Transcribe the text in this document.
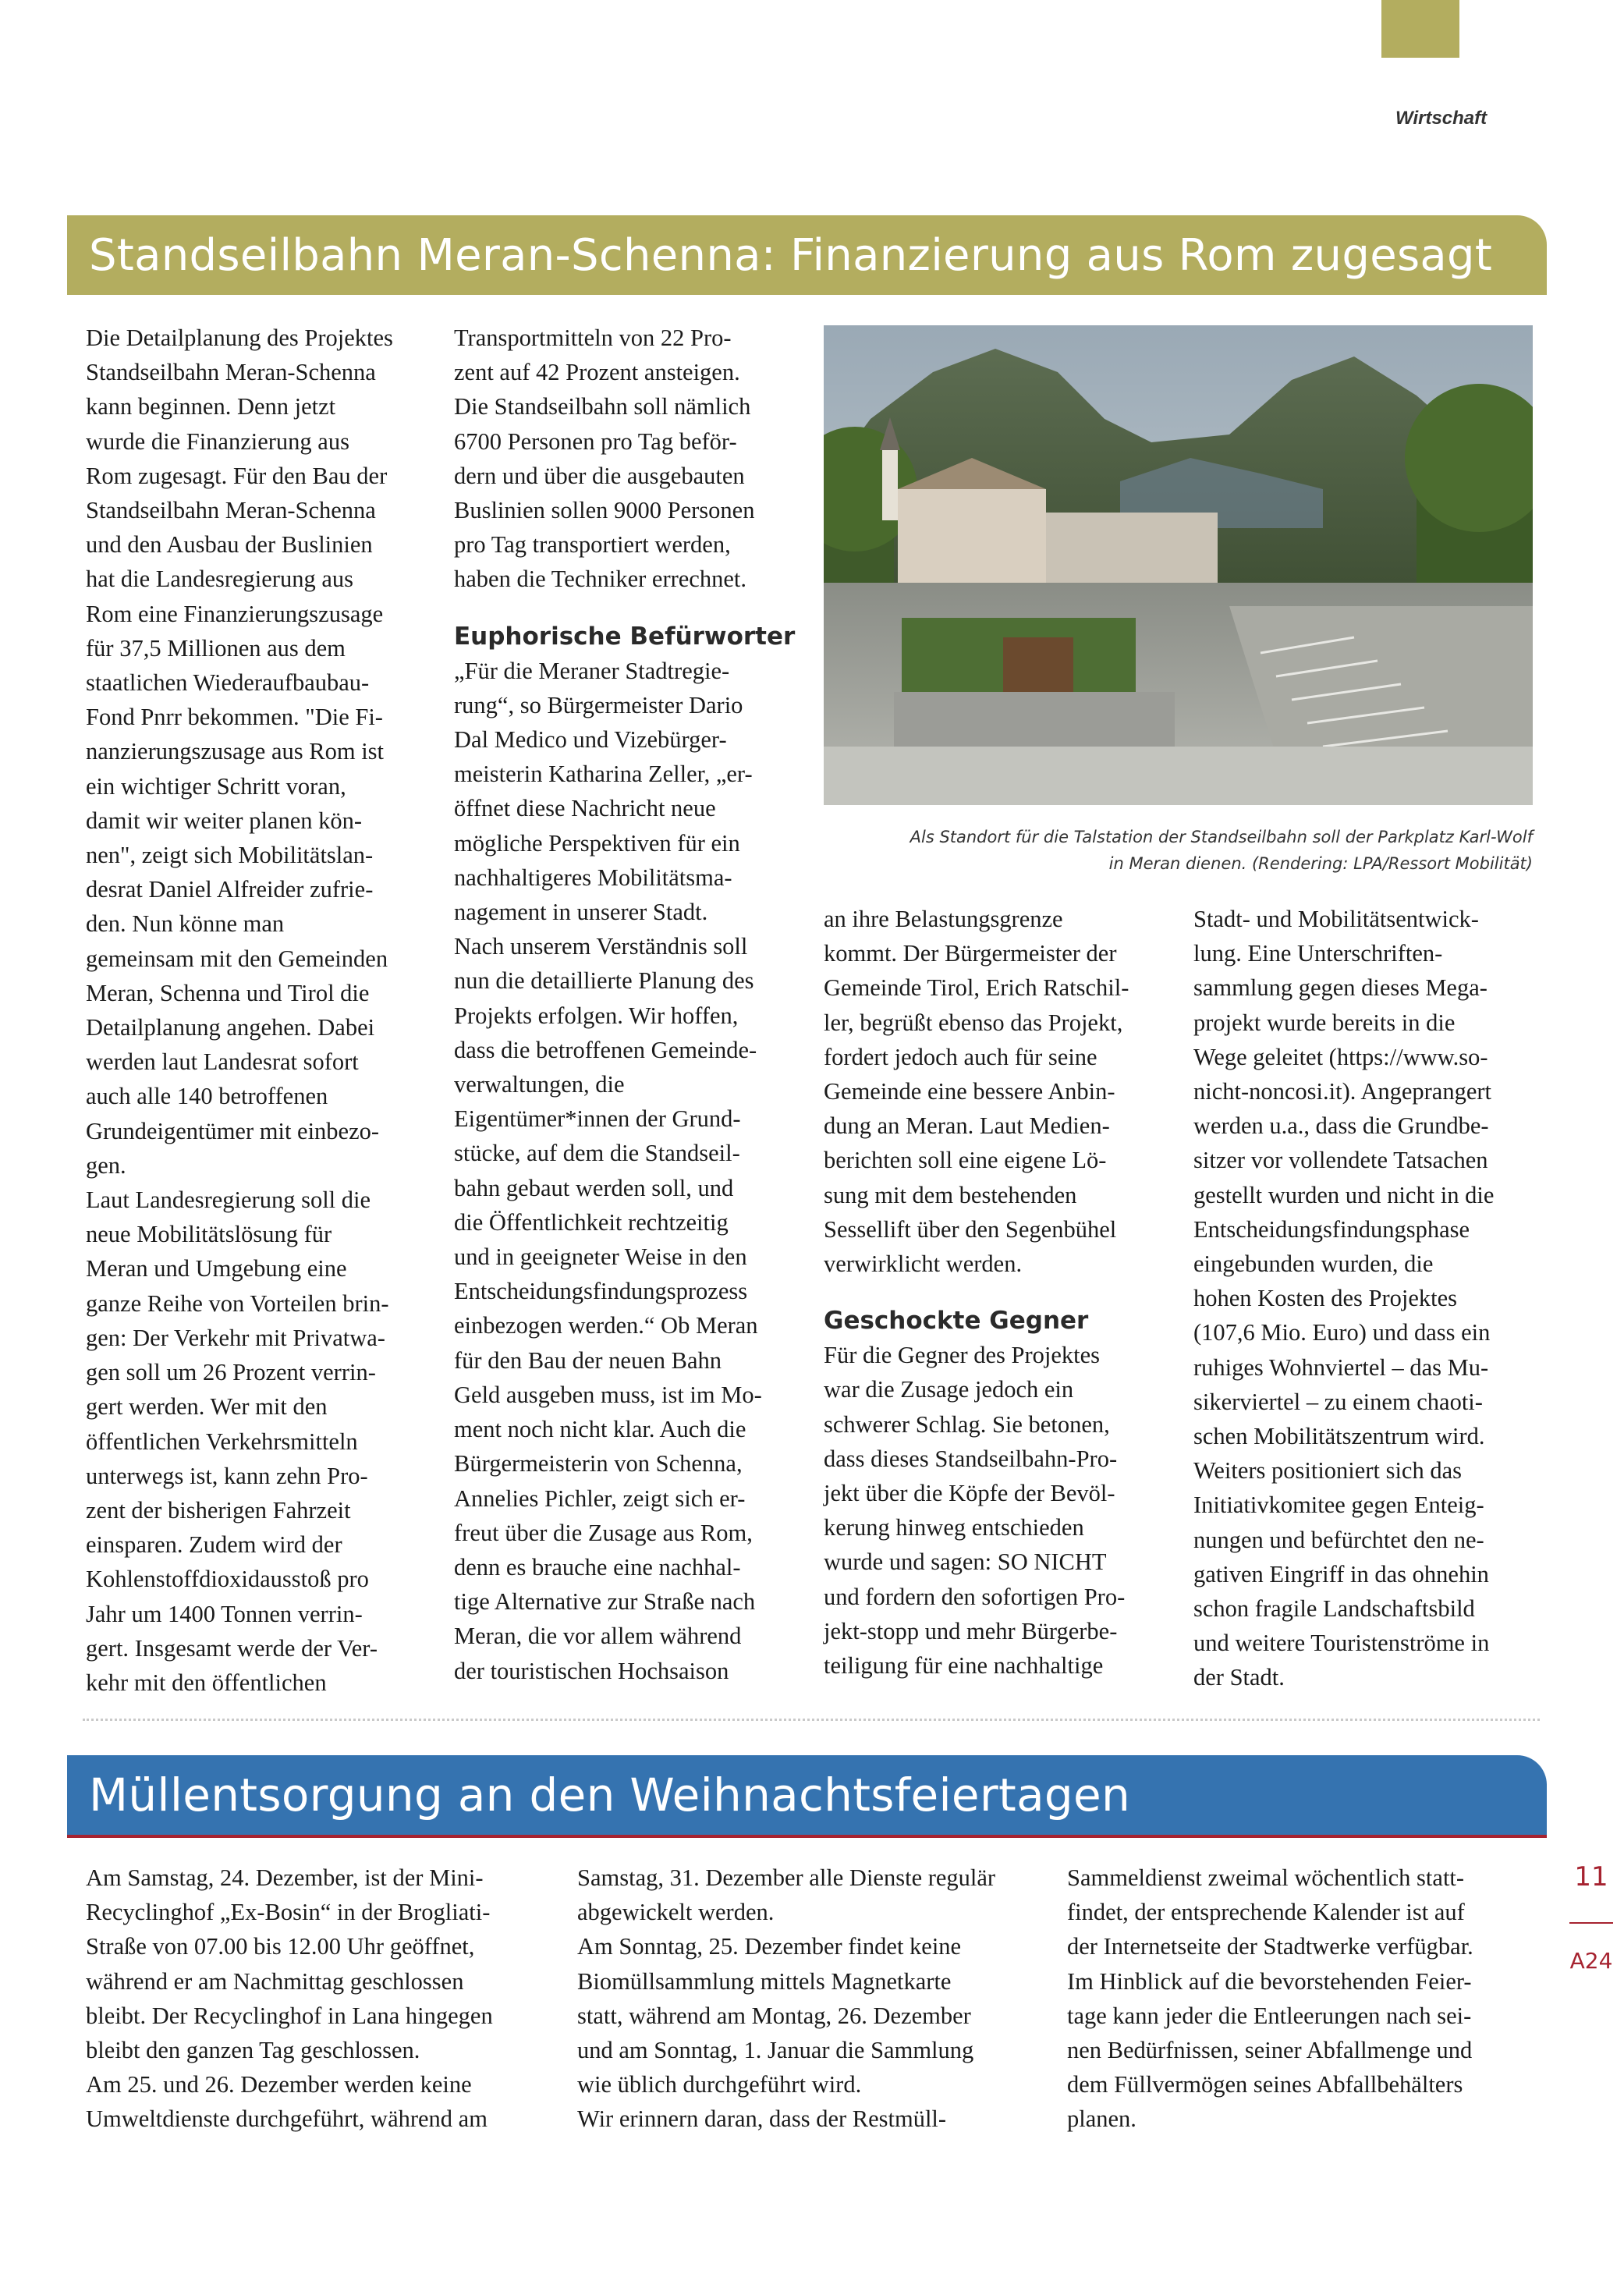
Wirtschaft
Standseilbahn Meran-Schenna: Finanzierung aus Rom zugesagt

Die Detailplanung des Projektes
Standseilbahn Meran-Schenna
kann beginnen. Denn jetzt
wurde die Finanzierung aus
Rom zugesagt. Für den Bau der
Standseilbahn Meran-Schenna
und den Ausbau der Buslinien
hat die Landesregierung aus
Rom eine Finanzierungszusage
für 37,5 Millionen aus dem
staatlichen Wiederaufbaubau-
Fond Pnrr bekommen. "Die Fi-
nanzierungszusage aus Rom ist
ein wichtiger Schritt voran,
damit wir weiter planen kön-
nen", zeigt sich Mobilitätslan-
desrat Daniel Alfreider zufrie-
den. Nun könne man
gemeinsam mit den Gemeinden
Meran, Schenna und Tirol die
Detailplanung angehen. Dabei
werden laut Landesrat sofort
auch alle 140 betroffenen
Grundeigentümer mit einbezo-
gen.
Laut Landesregierung soll die
neue Mobilitätslösung für
Meran und Umgebung eine
ganze Reihe von Vorteilen brin-
gen: Der Verkehr mit Privatwa-
gen soll um 26 Prozent verrin-
gert werden. Wer mit den
öffentlichen Verkehrsmitteln
unterwegs ist, kann zehn Pro-
zent der bisherigen Fahrzeit
einsparen. Zudem wird der
Kohlenstoffdioxidausstoß pro
Jahr um 1400 Tonnen verrin-
gert. Insgesamt werde der Ver-
kehr mit den öffentlichen

Transportmitteln von 22 Pro-
zent auf 42 Prozent ansteigen.
Die Standseilbahn soll nämlich
6700 Personen pro Tag beför-
dern und über die ausgebauten
Buslinien sollen 9000 Personen
pro Tag transportiert werden,
haben die Techniker errechnet.

Euphorische Befürworter

„Für die Meraner Stadtregie-
rung“, so Bürgermeister Dario
Dal Medico und Vizebürger-
meisterin Katharina Zeller, „er-
öffnet diese Nachricht neue
mögliche Perspektiven für ein
nachhaltigeres Mobilitätsma-
nagement in unserer Stadt.
Nach unserem Verständnis soll
nun die detaillierte Planung des
Projekts erfolgen. Wir hoffen,
dass die betroffenen Gemeinde-
verwaltungen, die
Eigentümer*innen der Grund-
stücke, auf dem die Standseil-
bahn gebaut werden soll, und
die Öffentlichkeit rechtzeitig
und in geeigneter Weise in den
Entscheidungsfindungsprozess
einbezogen werden.“ Ob Meran
für den Bau der neuen Bahn
Geld ausgeben muss, ist im Mo-
ment noch nicht klar. Auch die
Bürgermeisterin von Schenna,
Annelies Pichler, zeigt sich er-
freut über die Zusage aus Rom,
denn es brauche eine nachhal-
tige Alternative zur Straße nach
Meran, die vor allem während
der touristischen Hochsaison

Als Standort für die Talstation der Standseilbahn soll der Parkplatz Karl-Wolf
in Meran dienen. (Rendering: LPA/Ressort Mobilität)

an ihre Belastungsgrenze
kommt. Der Bürgermeister der
Gemeinde Tirol, Erich Ratschil-
ler, begrüßt ebenso das Projekt,
fordert jedoch auch für seine
Gemeinde eine bessere Anbin-
dung an Meran. Laut Medien-
berichten soll eine eigene Lö-
sung mit dem bestehenden
Sessellift über den Segenbühel
verwirklicht werden.

Geschockte Gegner

Für die Gegner des Projektes
war die Zusage jedoch ein
schwerer Schlag. Sie betonen,
dass dieses Standseilbahn-Pro-
jekt über die Köpfe der Bevöl-
kerung hinweg entschieden
wurde und sagen: SO NICHT
und fordern den sofortigen Pro-
jekt-stopp und mehr Bürgerbe-
teiligung für eine nachhaltige

Stadt- und Mobilitätsentwick-
lung. Eine Unterschriften-
sammlung gegen dieses Mega-
projekt wurde bereits in die
Wege geleitet (https://www.so-
nicht-noncosi.it). Angeprangert
werden u.a., dass die Grundbe-
sitzer vor vollendete Tatsachen
gestellt wurden und nicht in die
Entscheidungsfindungsphase
eingebunden wurden, die
hohen Kosten des Projektes
(107,6 Mio. Euro) und dass ein
ruhiges Wohnviertel – das Mu-
sikerviertel – zu einem chaoti-
schen Mobilitätszentrum wird.
Weiters positioniert sich das
Initiativkomitee gegen Enteig-
nungen und befürchtet den ne-
gativen Eingriff in das ohnehin
schon fragile Landschaftsbild
und weitere Touristenströme in
der Stadt.

Müllentsorgung an den Weihnachtsfeiertagen

Am Samstag, 24. Dezember, ist der Mini-
Recyclinghof „Ex-Bosin“ in der Brogliati-
Straße von 07.00 bis 12.00 Uhr geöffnet,
während er am Nachmittag geschlossen
bleibt. Der Recyclinghof in Lana hingegen
bleibt den ganzen Tag geschlossen.
Am 25. und 26. Dezember werden keine
Umweltdienste durchgeführt, während am

Samstag, 31. Dezember alle Dienste regulär
abgewickelt werden.
Am Sonntag, 25. Dezember findet keine
Biomüllsammlung mittels Magnetkarte
statt, während am Montag, 26. Dezember
und am Sonntag, 1. Januar die Sammlung
wie üblich durchgeführt wird.
Wir erinnern daran, dass der Restmüll-

Sammeldienst zweimal wöchentlich statt-
findet, der entsprechende Kalender ist auf
der Internetseite der Stadtwerke verfügbar.
Im Hinblick auf die bevorstehenden Feier-
tage kann jeder die Entleerungen nach sei-
nen Bedürfnissen, seiner Abfallmenge und
dem Füllvermögen seines Abfallbehälters
planen.

11
A24
